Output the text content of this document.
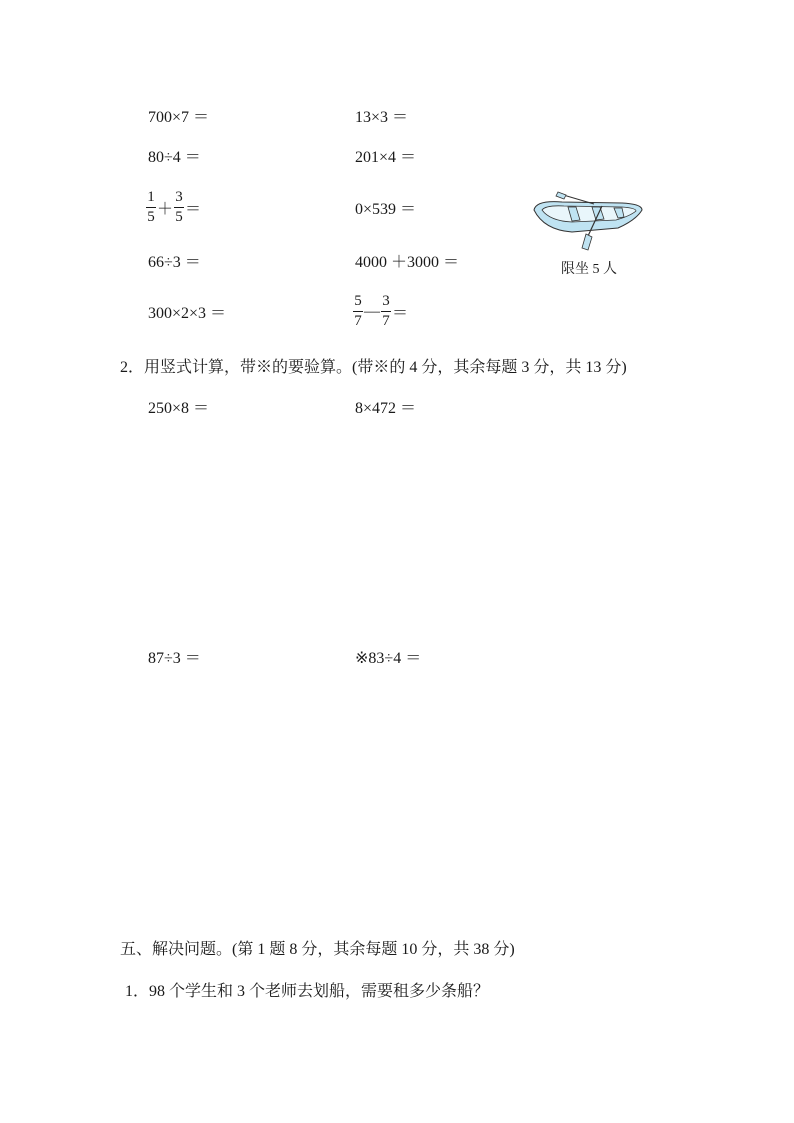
700×7 ＝	13×3 ＝
80÷4 ＝	201×4 ＝
$\frac{1}{5} + \frac{3}{5}$ ＝	0×539 ＝
66÷3 ＝	4000 ＋3000 ＝
300×2×3 ＝	$\frac{5}{7}$ — $\frac{3}{7}$ ＝
限坐 5 人
2．用竖式计算，带※的要验算。(带※的 4 分，其余每题 3 分，共 13 分)
250×8 ＝	8×472 ＝
87÷3 ＝	※83÷4 ＝
五、解决问题。(第 1 题 8 分，其余每题 10 分，共 38 分)
1．98 个学生和 3 个老师去划船，需要租多少条船？
